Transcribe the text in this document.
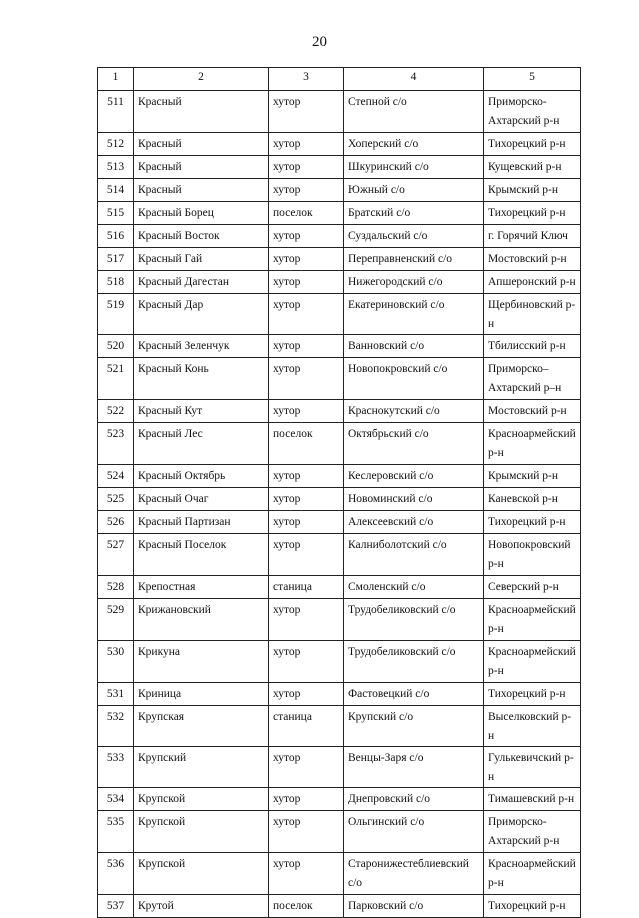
20
1	2	3	4	5
511	Красный	хутор	Степной с/о	Приморско-Ахтарский р-н
512	Красный	хутор	Хоперский с/о	Тихорецкий р-н
513	Красный	хутор	Шкуринский с/о	Кущевский р-н
514	Красный	хутор	Южный с/о	Крымский р-н
515	Красный Борец	поселок	Братский с/о	Тихорецкий р-н
516	Красный Восток	хутор	Суздальский с/о	г. Горячий Ключ
517	Красный Гай	хутор	Переправненский с/о	Мостовский р-н
518	Красный Дагестан	хутор	Нижегородский с/о	Апшеронский р-н
519	Красный Дар	хутор	Екатериновский с/о	Щербиновский р-н
520	Красный Зеленчук	хутор	Ванновский с/о	Тбилисский р-н
521	Красный Конь	хутор	Новопокровский с/о	Приморско–Ахтарский р–н
522	Красный Кут	хутор	Краснокутский с/о	Мостовский р-н
523	Красный Лес	поселок	Октябрьский с/о	Красноармейский р-н
524	Красный Октябрь	хутор	Кеслеровский с/о	Крымский р-н
525	Красный Очаг	хутор	Новоминский с/о	Каневской р-н
526	Красный Партизан	хутор	Алексеевский с/о	Тихорецкий р-н
527	Красный Поселок	хутор	Калниболотский с/о	Новопокровский р-н
528	Крепостная	станица	Смоленский с/о	Северский р-н
529	Крижановский	хутор	Трудобеликовский с/о	Красноармейский р-н
530	Крикуна	хутор	Трудобеликовский с/о	Красноармейский р-н
531	Криница	хутор	Фастовецкий с/о	Тихорецкий р-н
532	Крупская	станица	Крупский с/о	Выселковский р-н
533	Крупский	хутор	Венцы-Заря с/о	Гулькевичский р-н
534	Крупской	хутор	Днепровский с/о	Тимашевский р-н
535	Крупской	хутор	Ольгинский с/о	Приморско-Ахтарский р-н
536	Крупской	хутор	Старонижестеблиевский с/о	Красноармейский р-н
537	Крутой	поселок	Парковский с/о	Тихорецкий р-н
